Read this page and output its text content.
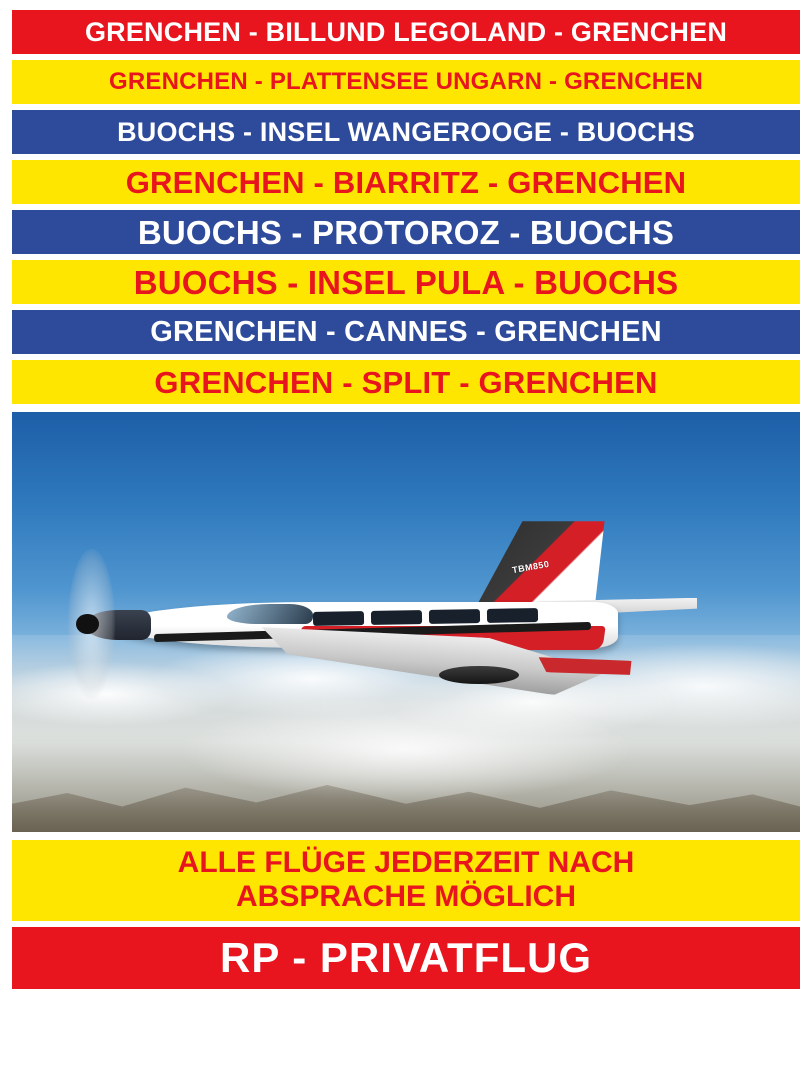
GRENCHEN - BILLUND LEGOLAND - GRENCHEN
GRENCHEN - PLATTENSEE UNGARN - GRENCHEN
BUOCHS - INSEL WANGEROOGE - BUOCHS
GRENCHEN - BIARRITZ - GRENCHEN
BUOCHS - PROTOROZ - BUOCHS
BUOCHS - INSEL PULA - BUOCHS
GRENCHEN - CANNES - GRENCHEN
GRENCHEN - SPLIT - GRENCHEN
TBM850
ALLE FLÜGE JEDERZEIT NACH
ABSPRACHE MÖGLICH
RP - PRIVATFLUG
